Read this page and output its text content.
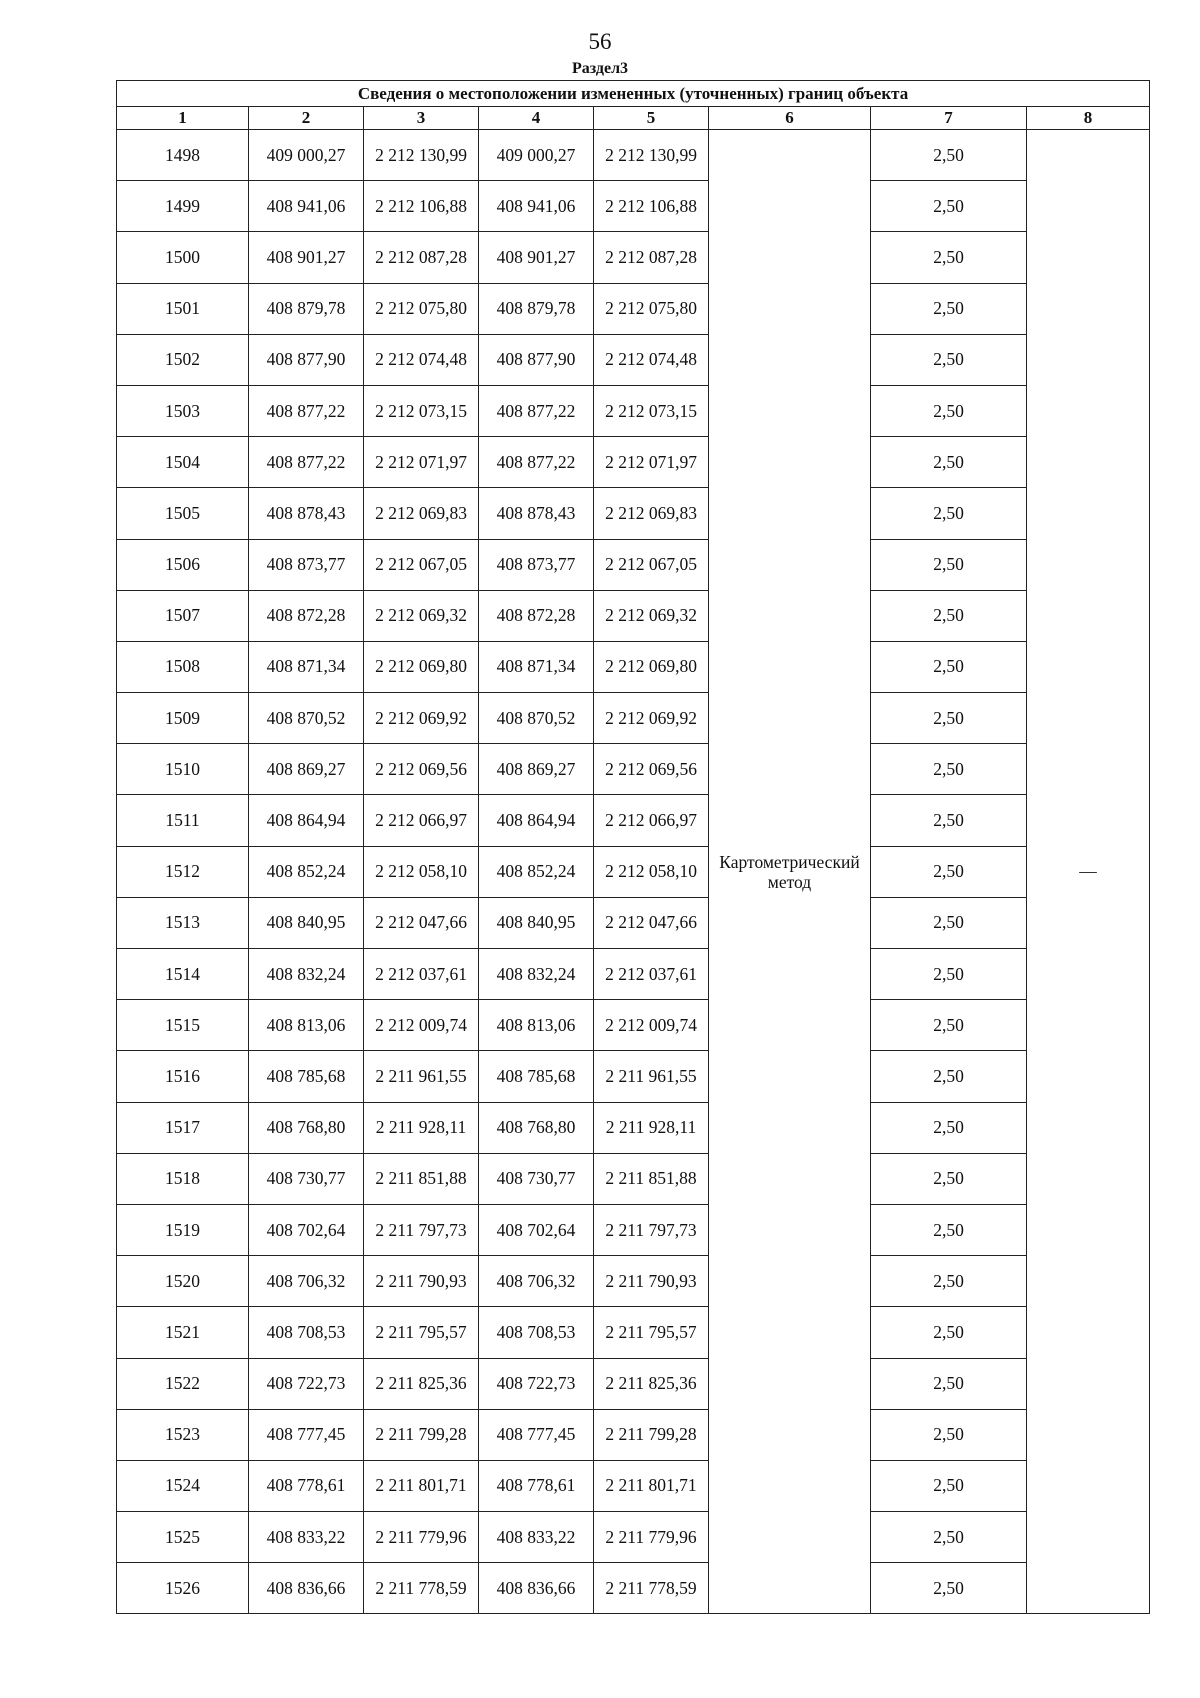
56
Раздел3
Сведения о местоположении измененных (уточненных) границ объекта							
1	2	3	4	5	6	7	8
1498	409 000,27	2 212 130,99	409 000,27	2 212 130,99	Картометрический метод	2,50	—
1499	408 941,06	2 212 106,88	408 941,06	2 212 106,88		2,50	
1500	408 901,27	2 212 087,28	408 901,27	2 212 087,28		2,50	
1501	408 879,78	2 212 075,80	408 879,78	2 212 075,80		2,50	
1502	408 877,90	2 212 074,48	408 877,90	2 212 074,48		2,50	
1503	408 877,22	2 212 073,15	408 877,22	2 212 073,15		2,50	
1504	408 877,22	2 212 071,97	408 877,22	2 212 071,97		2,50	
1505	408 878,43	2 212 069,83	408 878,43	2 212 069,83		2,50	
1506	408 873,77	2 212 067,05	408 873,77	2 212 067,05		2,50	
1507	408 872,28	2 212 069,32	408 872,28	2 212 069,32		2,50	
1508	408 871,34	2 212 069,80	408 871,34	2 212 069,80		2,50	
1509	408 870,52	2 212 069,92	408 870,52	2 212 069,92		2,50	
1510	408 869,27	2 212 069,56	408 869,27	2 212 069,56		2,50	
1511	408 864,94	2 212 066,97	408 864,94	2 212 066,97		2,50	
1512	408 852,24	2 212 058,10	408 852,24	2 212 058,10		2,50	
1513	408 840,95	2 212 047,66	408 840,95	2 212 047,66		2,50	
1514	408 832,24	2 212 037,61	408 832,24	2 212 037,61		2,50	
1515	408 813,06	2 212 009,74	408 813,06	2 212 009,74		2,50	
1516	408 785,68	2 211 961,55	408 785,68	2 211 961,55		2,50	
1517	408 768,80	2 211 928,11	408 768,80	2 211 928,11		2,50	
1518	408 730,77	2 211 851,88	408 730,77	2 211 851,88		2,50	
1519	408 702,64	2 211 797,73	408 702,64	2 211 797,73		2,50	
1520	408 706,32	2 211 790,93	408 706,32	2 211 790,93		2,50	
1521	408 708,53	2 211 795,57	408 708,53	2 211 795,57		2,50	
1522	408 722,73	2 211 825,36	408 722,73	2 211 825,36		2,50	
1523	408 777,45	2 211 799,28	408 777,45	2 211 799,28		2,50	
1524	408 778,61	2 211 801,71	408 778,61	2 211 801,71		2,50	
1525	408 833,22	2 211 779,96	408 833,22	2 211 779,96		2,50	
1526	408 836,66	2 211 778,59	408 836,66	2 211 778,59		2,50	
